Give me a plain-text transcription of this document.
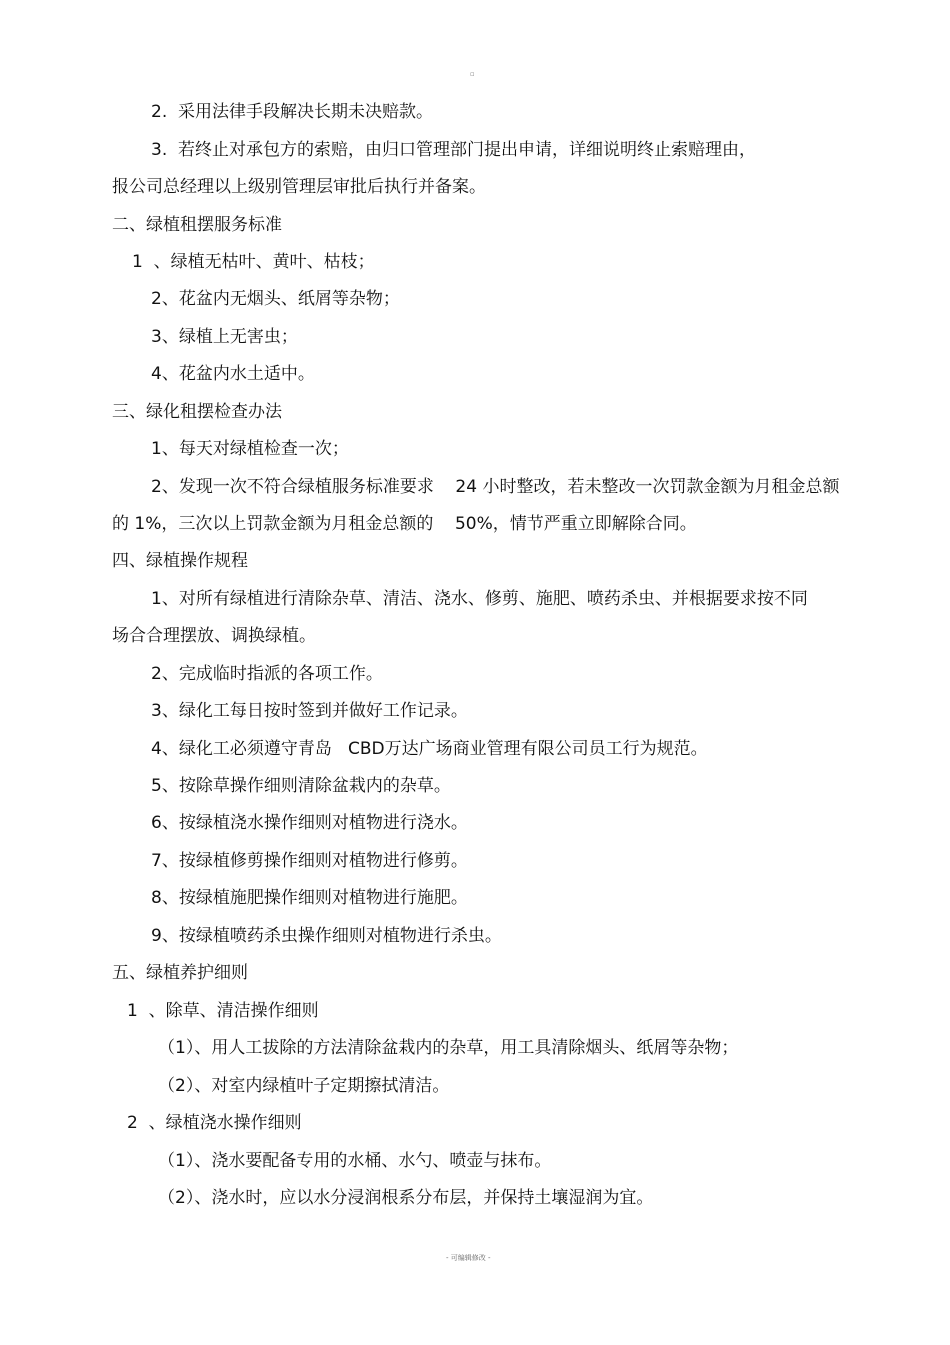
▫
2.  采用法律手段解决长期未决赔款。
3.  若终止对承包方的索赔，由归口管理部门提出申请，详细说明终止索赔理由，
报公司总经理以上级别管理层审批后执行并备案。
二、绿植租摆服务标准
1  、绿植无枯叶、黄叶、枯枝；
2、花盆内无烟头、纸屑等杂物；
3、绿植上无害虫；
4、花盆内水土适中。
三、绿化租摆检查办法
1、每天对绿植检查一次；
2、发现一次不符合绿植服务标准要求    24 小时整改，若未整改一次罚款金额为月租金总额
的 1%，三次以上罚款金额为月租金总额的    50%，情节严重立即解除合同。
四、绿植操作规程
1、对所有绿植进行清除杂草、清洁、浇水、修剪、施肥、喷药杀虫、并根据要求按不同
场合合理摆放、调换绿植。
2、完成临时指派的各项工作。
3、绿化工每日按时签到并做好工作记录。
4、绿化工必须遵守青岛   CBD万达广场商业管理有限公司员工行为规范。
5、按除草操作细则清除盆栽内的杂草。
6、按绿植浇水操作细则对植物进行浇水。
7、按绿植修剪操作细则对植物进行修剪。
8、按绿植施肥操作细则对植物进行施肥。
9、按绿植喷药杀虫操作细则对植物进行杀虫。
五、绿植养护细则
1  、除草、清洁操作细则
（1）、用人工拔除的方法清除盆栽内的杂草，用工具清除烟头、纸屑等杂物；
（2）、对室内绿植叶子定期擦拭清洁。
2  、绿植浇水操作细则
（1）、浇水要配备专用的水桶、水勺、喷壶与抹布。
（2）、浇水时，应以水分浸润根系分布层，并保持土壤湿润为宜。
- 可编辑修改 -
